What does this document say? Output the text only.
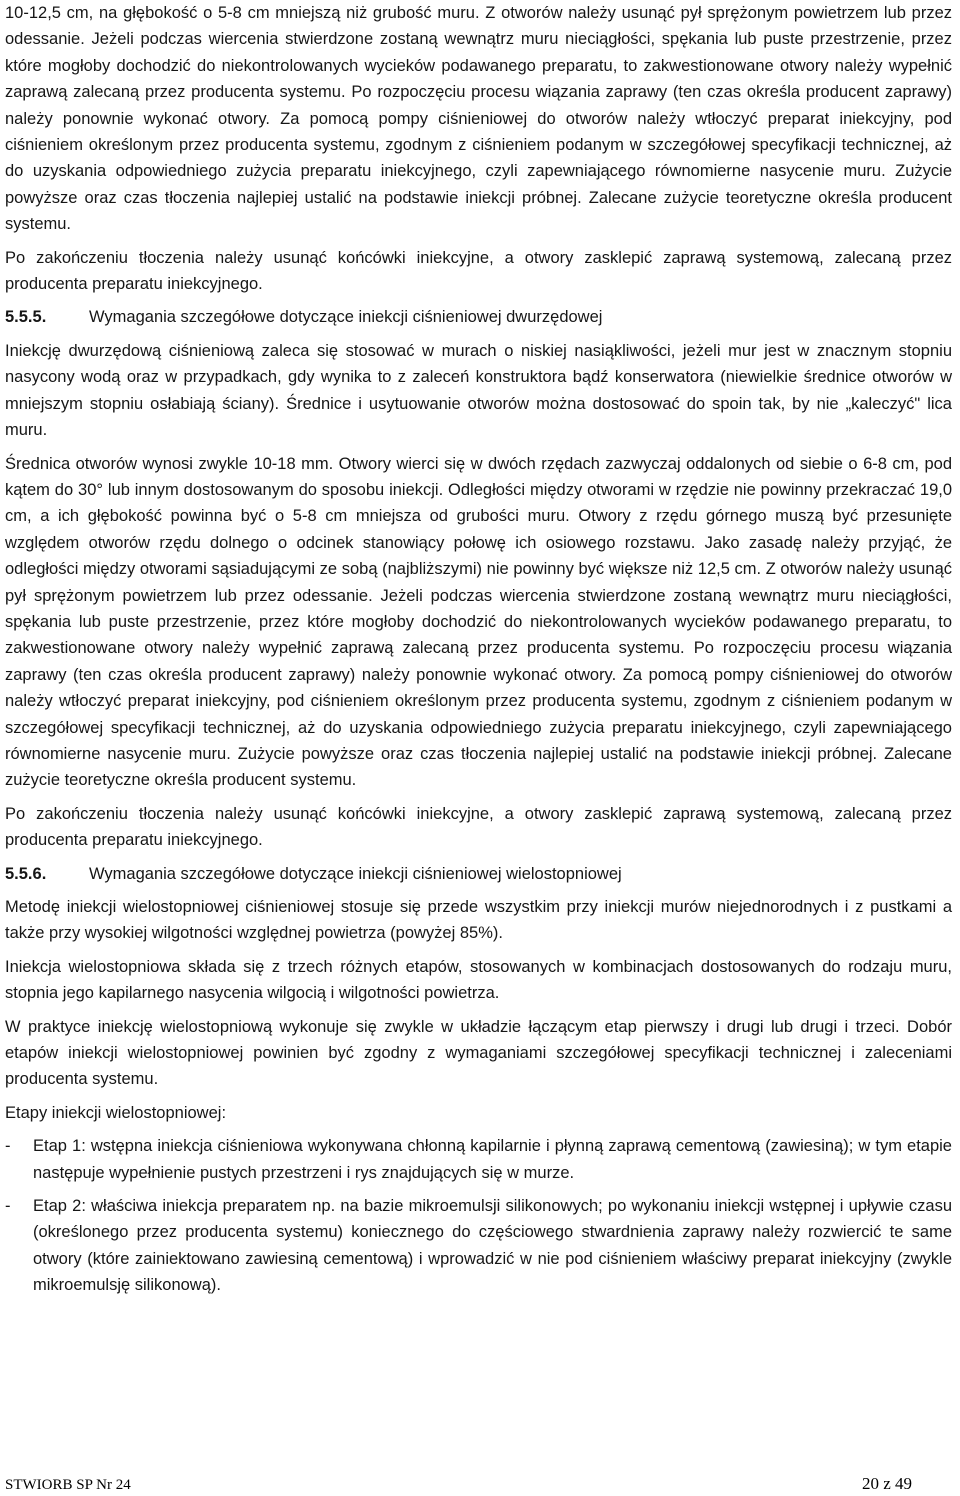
10-12,5 cm, na głębokość o 5-8 cm mniejszą niż grubość muru. Z otworów należy usunąć pył sprężonym powietrzem lub przez odessanie. Jeżeli podczas wiercenia stwierdzone zostaną wewnątrz muru nieciągłości, spękania lub puste przestrzenie, przez które mogłoby dochodzić do niekontrolowanych wycieków podawanego preparatu, to zakwestionowane otwory należy wypełnić zaprawą zalecaną przez producenta systemu. Po rozpoczęciu procesu wiązania zaprawy (ten czas określa producent zaprawy) należy ponownie wykonać otwory. Za pomocą pompy ciśnieniowej do otworów należy wtłoczyć preparat iniekcyjny, pod ciśnieniem określonym przez producenta systemu, zgodnym z ciśnieniem podanym w szczegółowej specyfikacji technicznej, aż do uzyskania odpowiedniego zużycia preparatu iniekcyjnego, czyli zapewniającego równomierne nasycenie muru. Zużycie powyższe oraz czas tłoczenia najlepiej ustalić na podstawie iniekcji próbnej. Zalecane zużycie teoretyczne określa producent systemu.

Po zakończeniu tłoczenia należy usunąć końcówki iniekcyjne, a otwory zasklepić zaprawą systemową, zalecaną przez producenta preparatu iniekcyjnego.

5.5.5.	Wymagania szczegółowe dotyczące iniekcji ciśnieniowej dwurzędowej

Iniekcję dwurzędową ciśnieniową zaleca się stosować w murach o niskiej nasiąkliwości, jeżeli mur jest w znacznym stopniu nasycony wodą oraz w przypadkach, gdy wynika to z zaleceń konstruktora bądź konserwatora (niewielkie średnice otworów w mniejszym stopniu osłabiają ściany). Średnice i usytuowanie otworów można dostosować do spoin tak, by nie „kaleczyć" lica muru.

Średnica otworów wynosi zwykle 10-18 mm. Otwory wierci się w dwóch rzędach zazwyczaj oddalonych od siebie o 6-8 cm, pod kątem do 30° lub innym dostosowanym do sposobu iniekcji. Odległości między otworami w rzędzie nie powinny przekraczać 19,0 cm, a ich głębokość powinna być o 5-8 cm mniejsza od grubości muru. Otwory z rzędu górnego muszą być przesunięte względem otworów rzędu dolnego o odcinek stanowiący połowę ich osiowego rozstawu. Jako zasadę należy przyjąć, że odległości między otworami sąsiadującymi ze sobą (najbliższymi) nie powinny być większe niż 12,5 cm. Z otworów należy usunąć pył sprężonym powietrzem lub przez odessanie. Jeżeli podczas wiercenia stwierdzone zostaną wewnątrz muru nieciągłości, spękania lub puste przestrzenie, przez które mogłoby dochodzić do niekontrolowanych wycieków podawanego preparatu, to zakwestionowane otwory należy wypełnić zaprawą zalecaną przez producenta systemu. Po rozpoczęciu procesu wiązania zaprawy (ten czas określa producent zaprawy) należy ponownie wykonać otwory. Za pomocą pompy ciśnieniowej do otworów należy wtłoczyć preparat iniekcyjny, pod ciśnieniem określonym przez producenta systemu, zgodnym z ciśnieniem podanym w szczegółowej specyfikacji technicznej, aż do uzyskania odpowiedniego zużycia preparatu iniekcyjnego, czyli zapewniającego równomierne nasycenie muru. Zużycie powyższe oraz czas tłoczenia najlepiej ustalić na podstawie iniekcji próbnej. Zalecane zużycie teoretyczne określa producent systemu.

Po zakończeniu tłoczenia należy usunąć końcówki iniekcyjne, a otwory zasklepić zaprawą systemową, zalecaną przez producenta preparatu iniekcyjnego.

5.5.6.	Wymagania szczegółowe dotyczące iniekcji ciśnieniowej wielostopniowej

Metodę iniekcji wielostopniowej ciśnieniowej stosuje się przede wszystkim przy iniekcji murów niejednorodnych i z pustkami a także przy wysokiej wilgotności względnej powietrza (powyżej 85%).

Iniekcja wielostopniowa składa się z trzech różnych etapów, stosowanych w kombinacjach dostosowanych do rodzaju muru, stopnia jego kapilarnego nasycenia wilgocią i wilgotności powietrza.

W praktyce iniekcję wielostopniową wykonuje się zwykle w układzie łączącym etap pierwszy i drugi lub drugi i trzeci. Dobór etapów iniekcji wielostopniowej powinien być zgodny z wymaganiami szczegółowej specyfikacji technicznej i zaleceniami producenta systemu.

Etapy iniekcji wielostopniowej:

- Etap 1: wstępna iniekcja ciśnieniowa wykonywana chłonną kapilarnie i płynną zaprawą cementową (zawiesiną); w tym etapie następuje wypełnienie pustych przestrzeni i rys znajdujących się w murze.
- Etap 2: właściwa iniekcja preparatem np. na bazie mikroemulsji silikonowych; po wykonaniu iniekcji wstępnej i upływie czasu (określonego przez producenta systemu) koniecznego do częściowego stwardnienia zaprawy należy rozwiercić te same otwory (które zainiektowano zawiesiną cementową) i wprowadzić w nie pod ciśnieniem właściwy preparat iniekcyjny (zwykle mikroemulsję silikonową).
STWIORB SP Nr 24	20 z 49
